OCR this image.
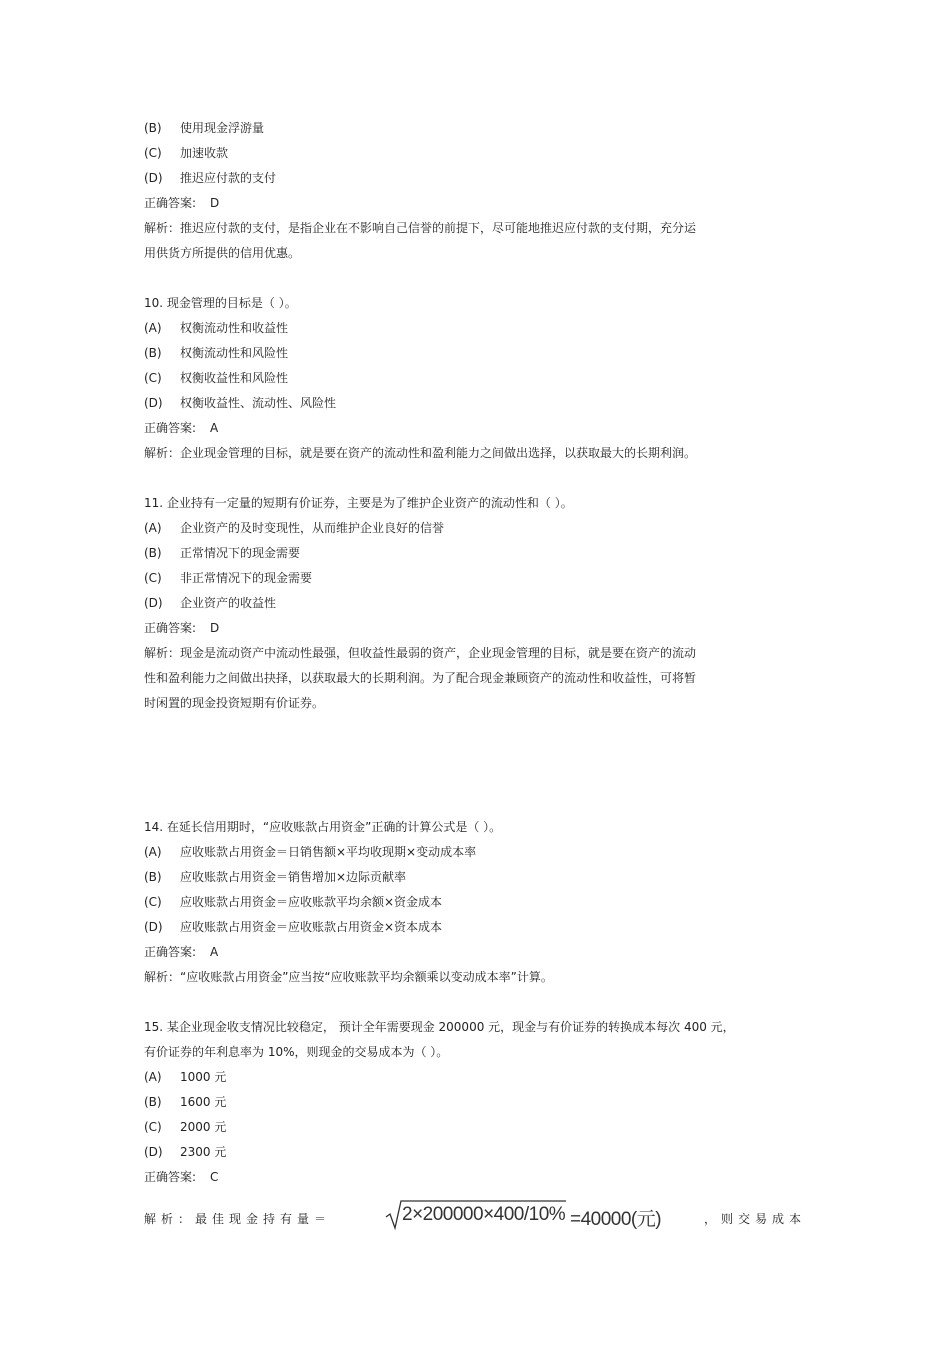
(B) 使用现金浮游量
(C) 加速收款
(D) 推迟应付款的支付
正确答案: D
解析：推迟应付款的支付，是指企业在不影响自己信誉的前提下，尽可能地推迟应付款的支付期，充分运
用供货方所提供的信用优惠。
10. 现金管理的目标是（ ）。
(A) 权衡流动性和收益性
(B) 权衡流动性和风险性
(C) 权衡收益性和风险性
(D) 权衡收益性、流动性、风险性
正确答案: A
解析：企业现金管理的目标，就是要在资产的流动性和盈利能力之间做出选择，以获取最大的长期利润。
11. 企业持有一定量的短期有价证券，主要是为了维护企业资产的流动性和（ ）。
(A) 企业资产的及时变现性，从而维护企业良好的信誉
(B) 正常情况下的现金需要
(C) 非正常情况下的现金需要
(D) 企业资产的收益性
正确答案: D
解析：现金是流动资产中流动性最强，但收益性最弱的资产，企业现金管理的目标，就是要在资产的流动
性和盈利能力之间做出抉择，以获取最大的长期利润。为了配合现金兼顾资产的流动性和收益性，可将暂
时闲置的现金投资短期有价证券。
14. 在延长信用期时，“应收账款占用资金”正确的计算公式是（ ）。
(A) 应收账款占用资金＝日销售额×平均收现期×变动成本率
(B) 应收账款占用资金＝销售增加×边际贡献率
(C) 应收账款占用资金＝应收账款平均余额×资金成本
(D) 应收账款占用资金＝应收账款占用资金×资本成本
正确答案: A
解析：“应收账款占用资金”应当按“应收账款平均余额乘以变动成本率”计算。
15. 某企业现金收支情况比较稳定， 预计全年需要现金 200000 元，现金与有价证券的转换成本每次 400 元，
有价证券的年利息率为 10%，则现金的交易成本为（ ）。
(A) 1000 元
(B) 1600 元
(C) 2000 元
(D) 2300 元
正确答案: C
解析：最佳现金持有量＝	2×200000×400/10% =40000(元)	，则交易成本
